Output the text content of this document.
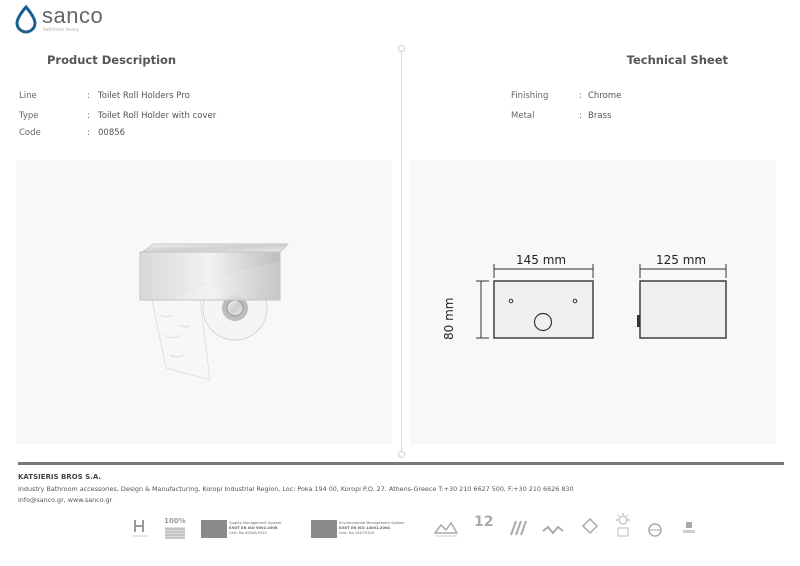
sanco
bathroom heavy
Product Description	Technical Sheet
Line	: Toilet Roll Holders Pro
Type	: Toilet Roll Holder with cover
Code	: 00856
Finishing	: Chrome
Metal	: Brass
145 mm	125 mm
80 mm
KATSIERIS BROS S.A.
Industry Bathroom accessories, Design & Manufacturing, Koropi Industrial Region, Loc: Poka 194 00, Koropi P.O. 27. Athens-Greece T:+30 210 6627 500, F:+30 210 6626 830
info@sanco.gr, www.sanco.gr
100%	Quality Management System
ΕΛΟΤ EN ISO 9001:2008
Cert. No 00000/2010
Environmental Management System
ΕΛΟΤ EN ISO 14001:2004
Cert. No 1447/2010
12
